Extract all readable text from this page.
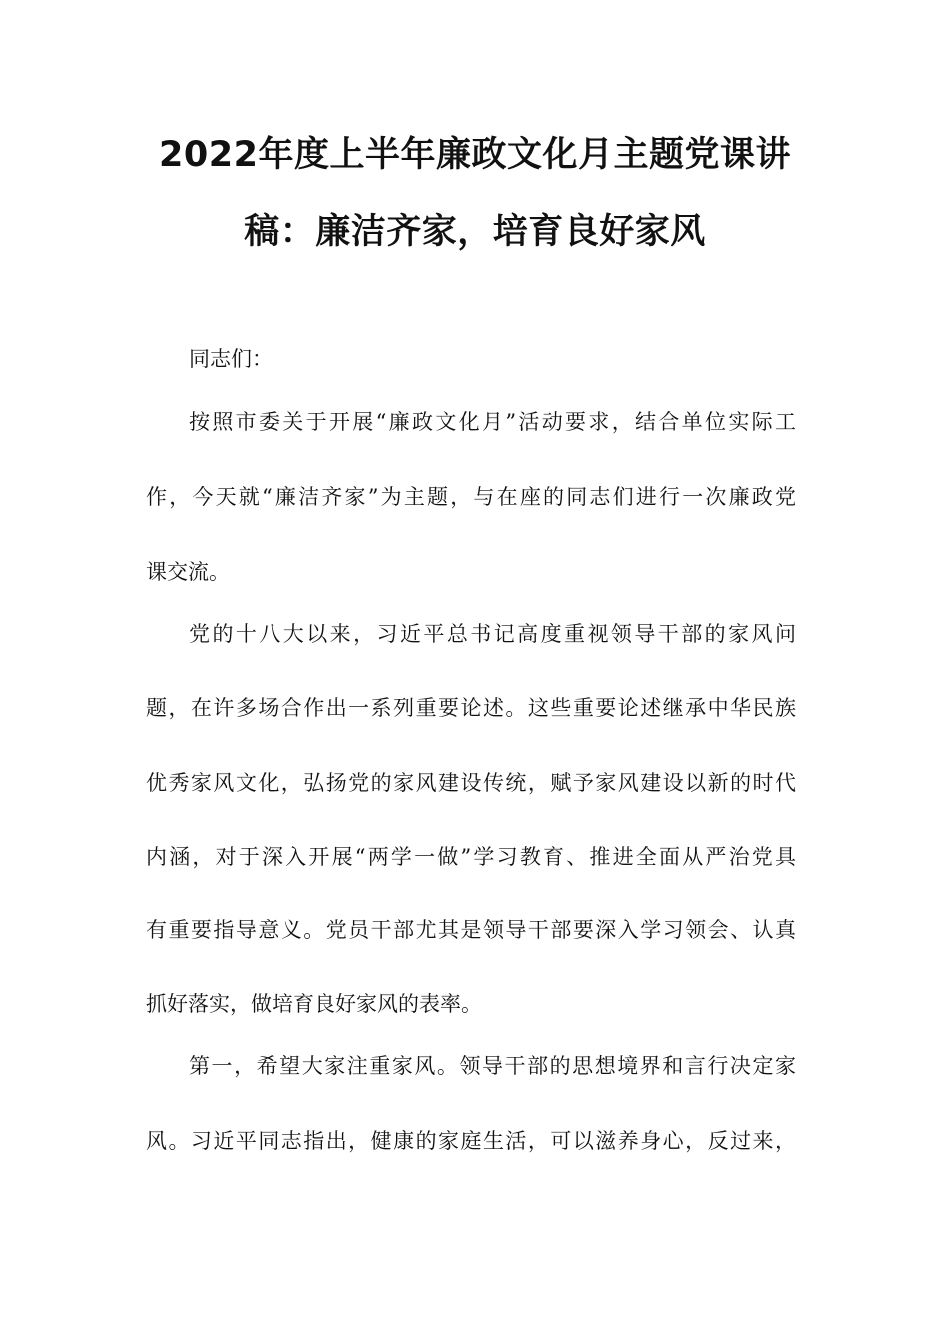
2022年度上半年廉政文化月主题党课讲
稿：廉洁齐家，培育良好家风
同志们：
按照市委关于开展“廉政文化月”活动要求，结合单位实际工
作，今天就“廉洁齐家”为主题，与在座的同志们进行一次廉政党
课交流。
党的十八大以来，习近平总书记高度重视领导干部的家风问
题，在许多场合作出一系列重要论述。这些重要论述继承中华民族
优秀家风文化，弘扬党的家风建设传统，赋予家风建设以新的时代
内涵，对于深入开展“两学一做”学习教育、推进全面从严治党具
有重要指导意义。党员干部尤其是领导干部要深入学习领会、认真
抓好落实，做培育良好家风的表率。
第一，希望大家注重家风。领导干部的思想境界和言行决定家
风。习近平同志指出，健康的家庭生活，可以滋养身心，反过来，
